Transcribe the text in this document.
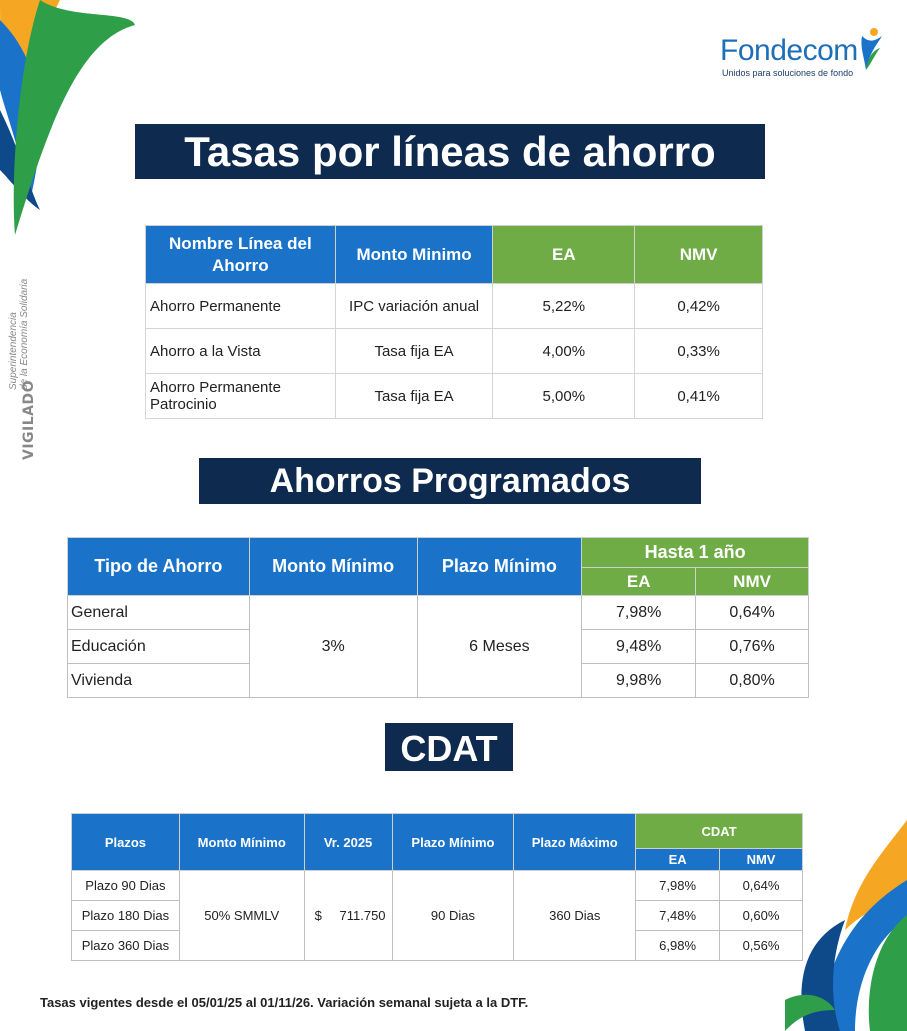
Fondecom
Unidos para soluciones de fondo
VIGILADO
Superintendencia de la Economía Solidaria
Tasas por líneas de ahorro
Nombre Línea del Ahorro	Monto Minimo	EA	NMV
Ahorro Permanente	IPC variación anual	5,22%	0,42%
Ahorro a la Vista	Tasa fija EA	4,00%	0,33%
Ahorro Permanente Patrocinio	Tasa fija EA	5,00%	0,41%
Ahorros Programados
Tipo de Ahorro	Monto Mínimo	Plazo Mínimo	Hasta 1 año	
			EA	NMV
General	3%	6 Meses	7,98%	0,64%
Educación			9,48%	0,76%
Vivienda			9,98%	0,80%
CDAT
Plazos	Monto Mínimo	Vr. 2025	Plazo Mínimo	Plazo Máximo	CDAT	
					EA	NMV
Plazo 90 Dias	50% SMMLV	$ 711.750	90 Dias	360 Dias	7,98%	0,64%
Plazo 180 Dias					7,48%	0,60%
Plazo 360 Dias					6,98%	0,56%
Tasas vigentes desde el 05/01/25 al 01/11/26. Variación semanal sujeta a la DTF.
